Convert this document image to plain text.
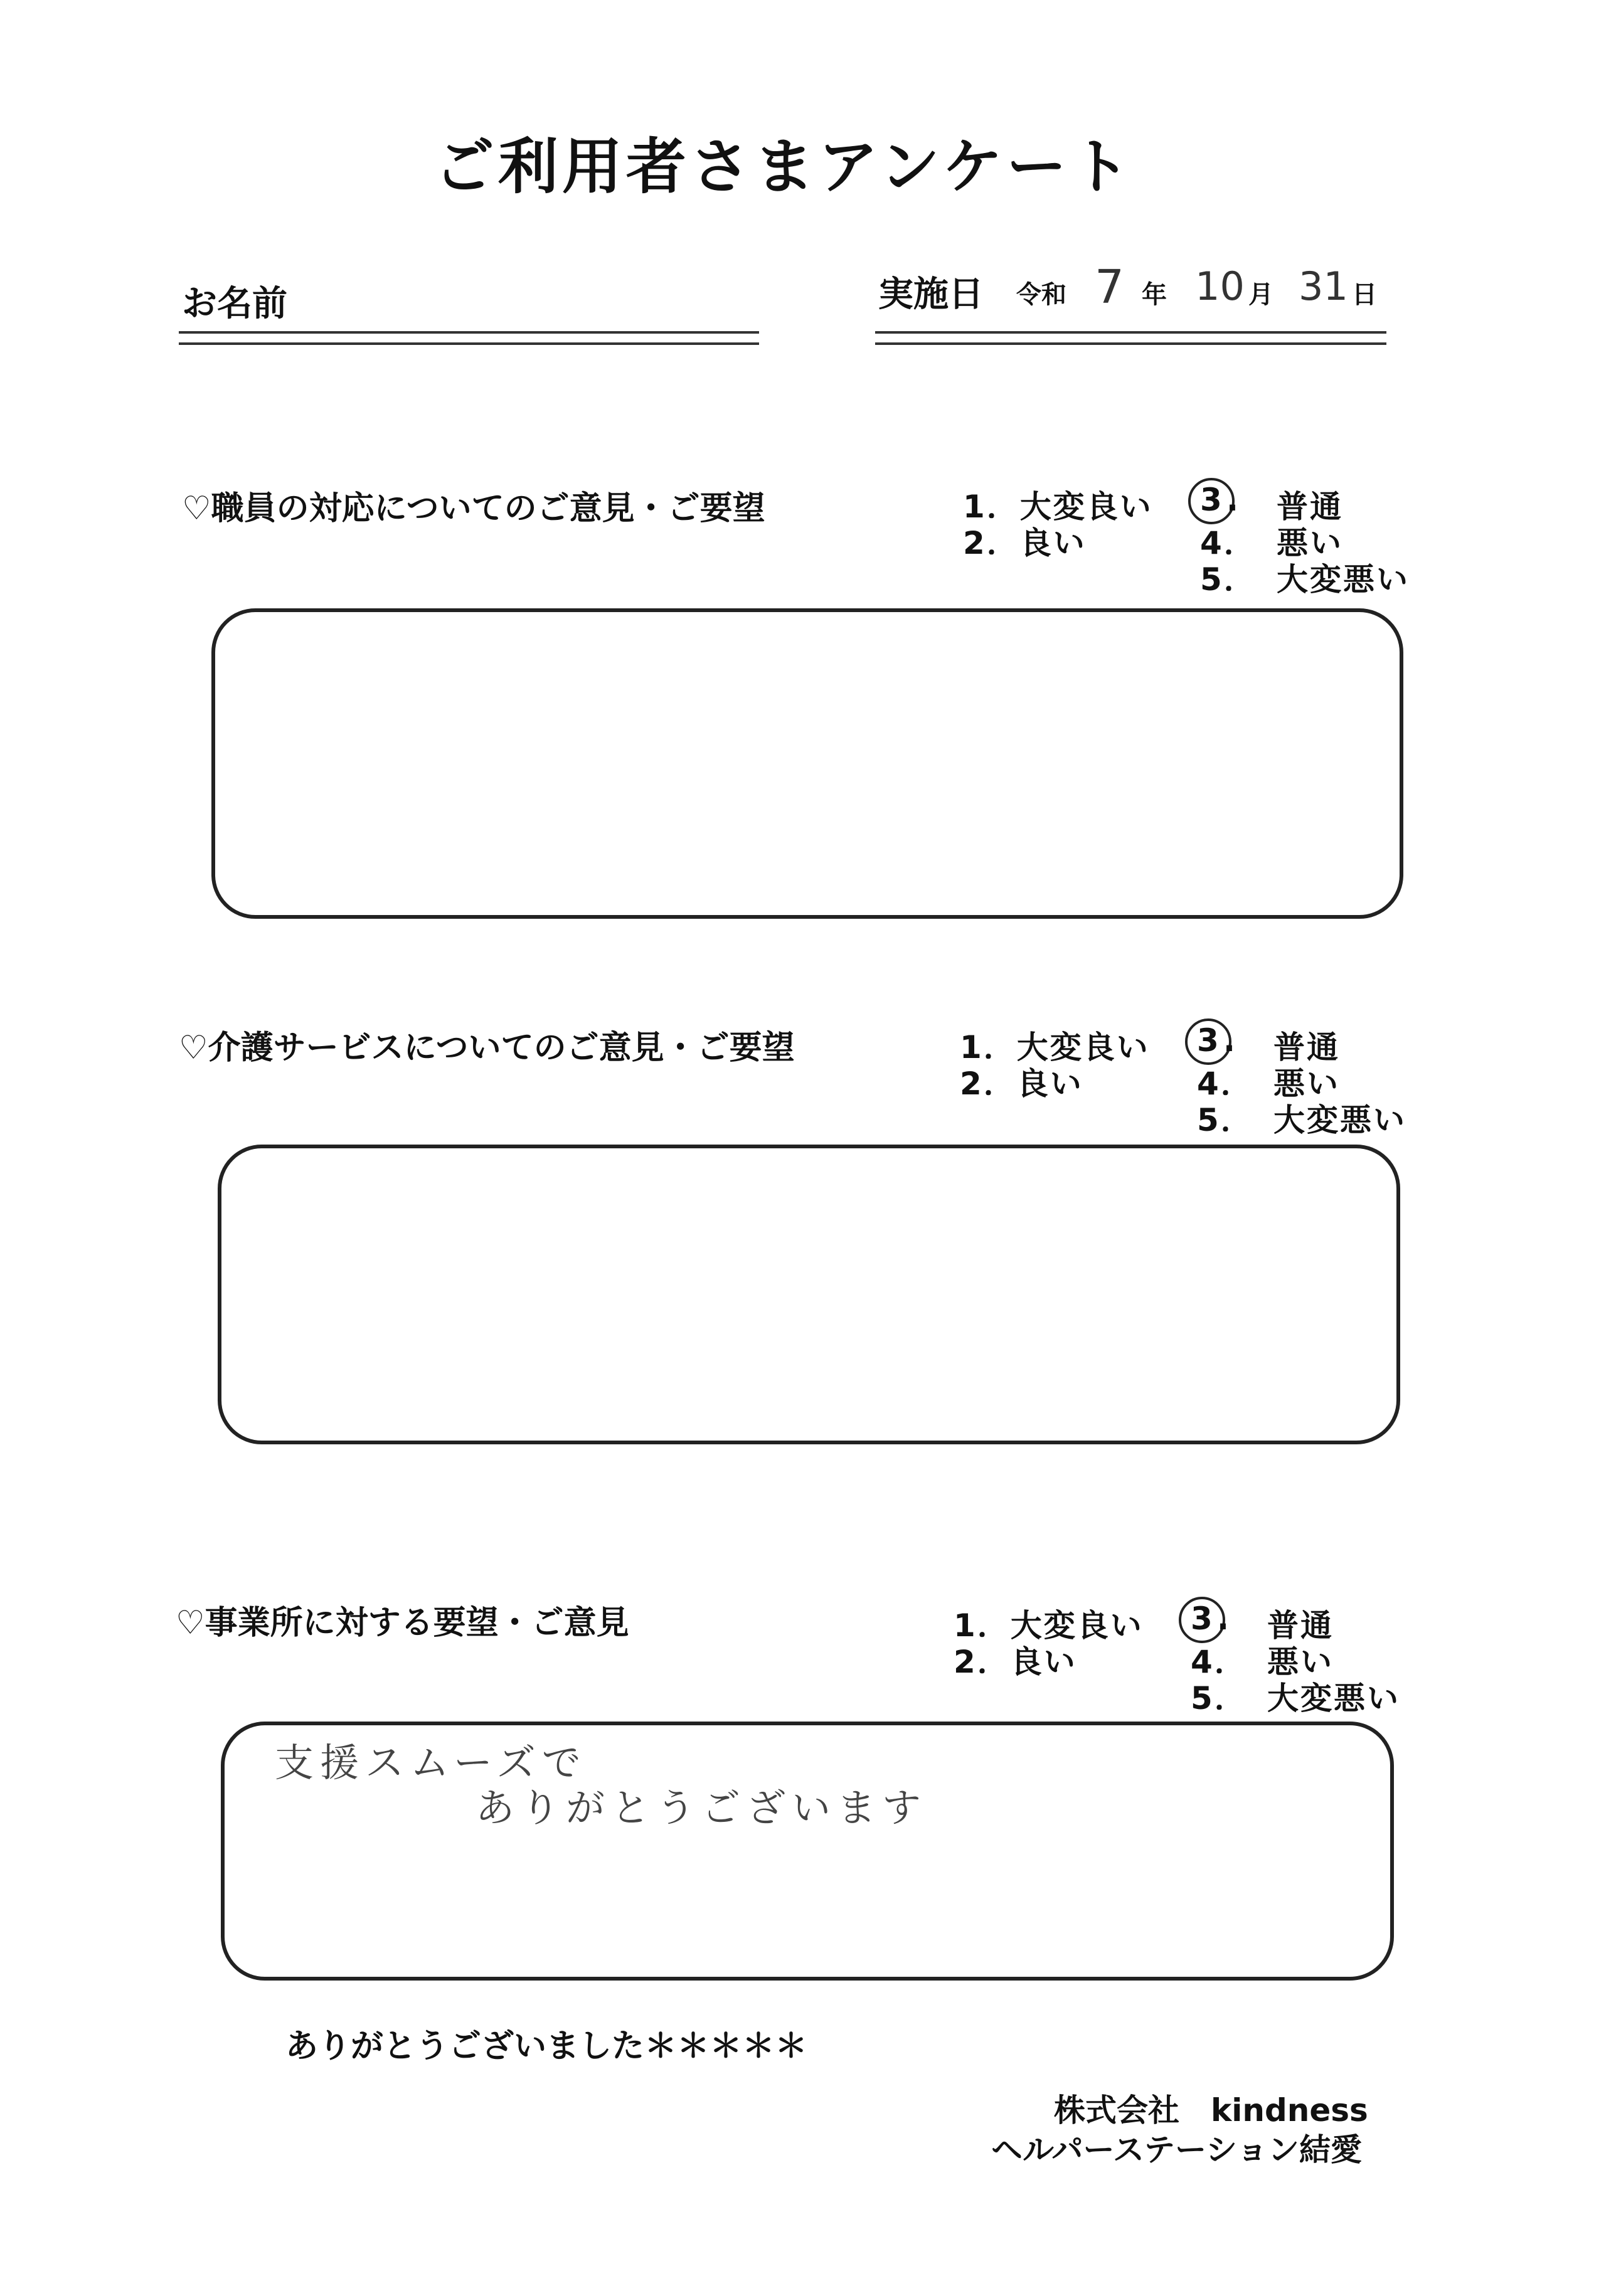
ご利用者さまアンケート
お名前	実施日 令和 7 年 10 月 31 日
♡職員の対応についてのご意見・ご要望	1．大変良い
2．良い
3 . 普通
4． 悪い
5． 大変悪い
♡介護サービスについてのご意見・ご要望	1．大変良い
2．良い
3 . 普通
4． 悪い
5． 大変悪い
♡事業所に対する要望・ご意見	1．大変良い
2．良い
3 . 普通
4． 悪い
5． 大変悪い
支援スムーズで
ありがとうございます
ありがとうございました＊＊＊＊＊
株式会社　kindness
ヘルパーステーション結愛
